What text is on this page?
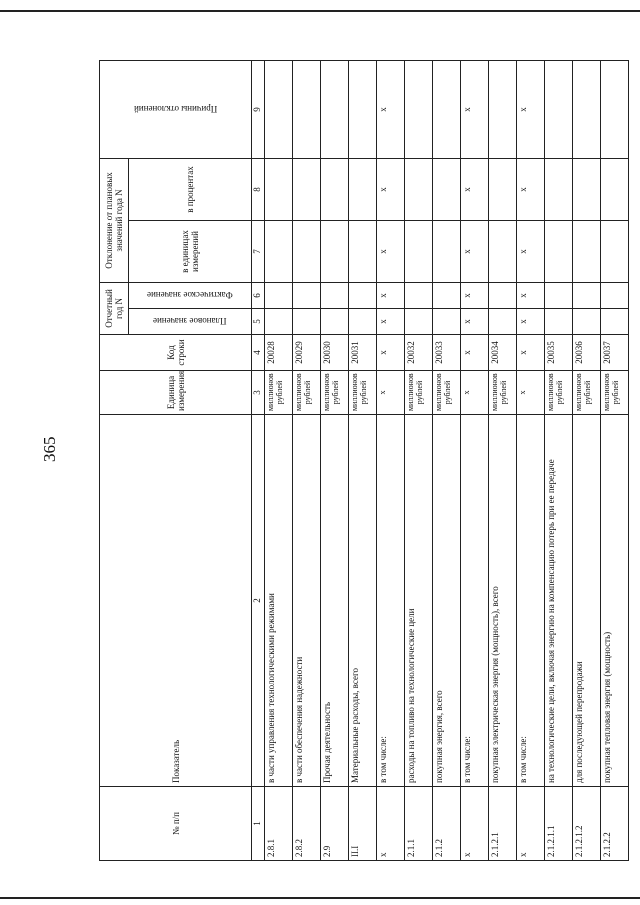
365
№ п/п	Показатель	Единица измерения	Код строки	Отчетный год N		Отклонение от плановых значений года N		Причины отклонений

				Плановое значение	Фактическое значение	в единицах измерений	в процентах	

1	2	3	4	5	6	7	8	9
2.8.1	в части управления технологическими режимами	миллионов рублей	20028					
2.8.2	в части обеспечения надежности	миллионов рублей	20029					
2.9	Прочая деятельность	миллионов рублей	20030					
II.I	Материальные расходы, всего	миллионов рублей	20031					
x	в том числе:	x	x	x	x	x	x	x
2.1.1	расходы на топливо на технологические цели	миллионов рублей	20032					
2.1.2	покупная энергия, всего	миллионов рублей	20033					
x	в том числе:	x	x	x	x	x	x	x
2.1.2.1	покупная электрическая энергия (мощность), всего	миллионов рублей	20034					
x	в том числе:	x	x	x	x	x	x	x
2.1.2.1.1	на технологические цели, включая энергию на компенсацию потерь при ее передаче	миллионов рублей	20035					
2.1.2.1.2	для последующей перепродажи	миллионов рублей	20036					
2.1.2.2	покупная тепловая энергия (мощность)	миллионов рублей	20037					
